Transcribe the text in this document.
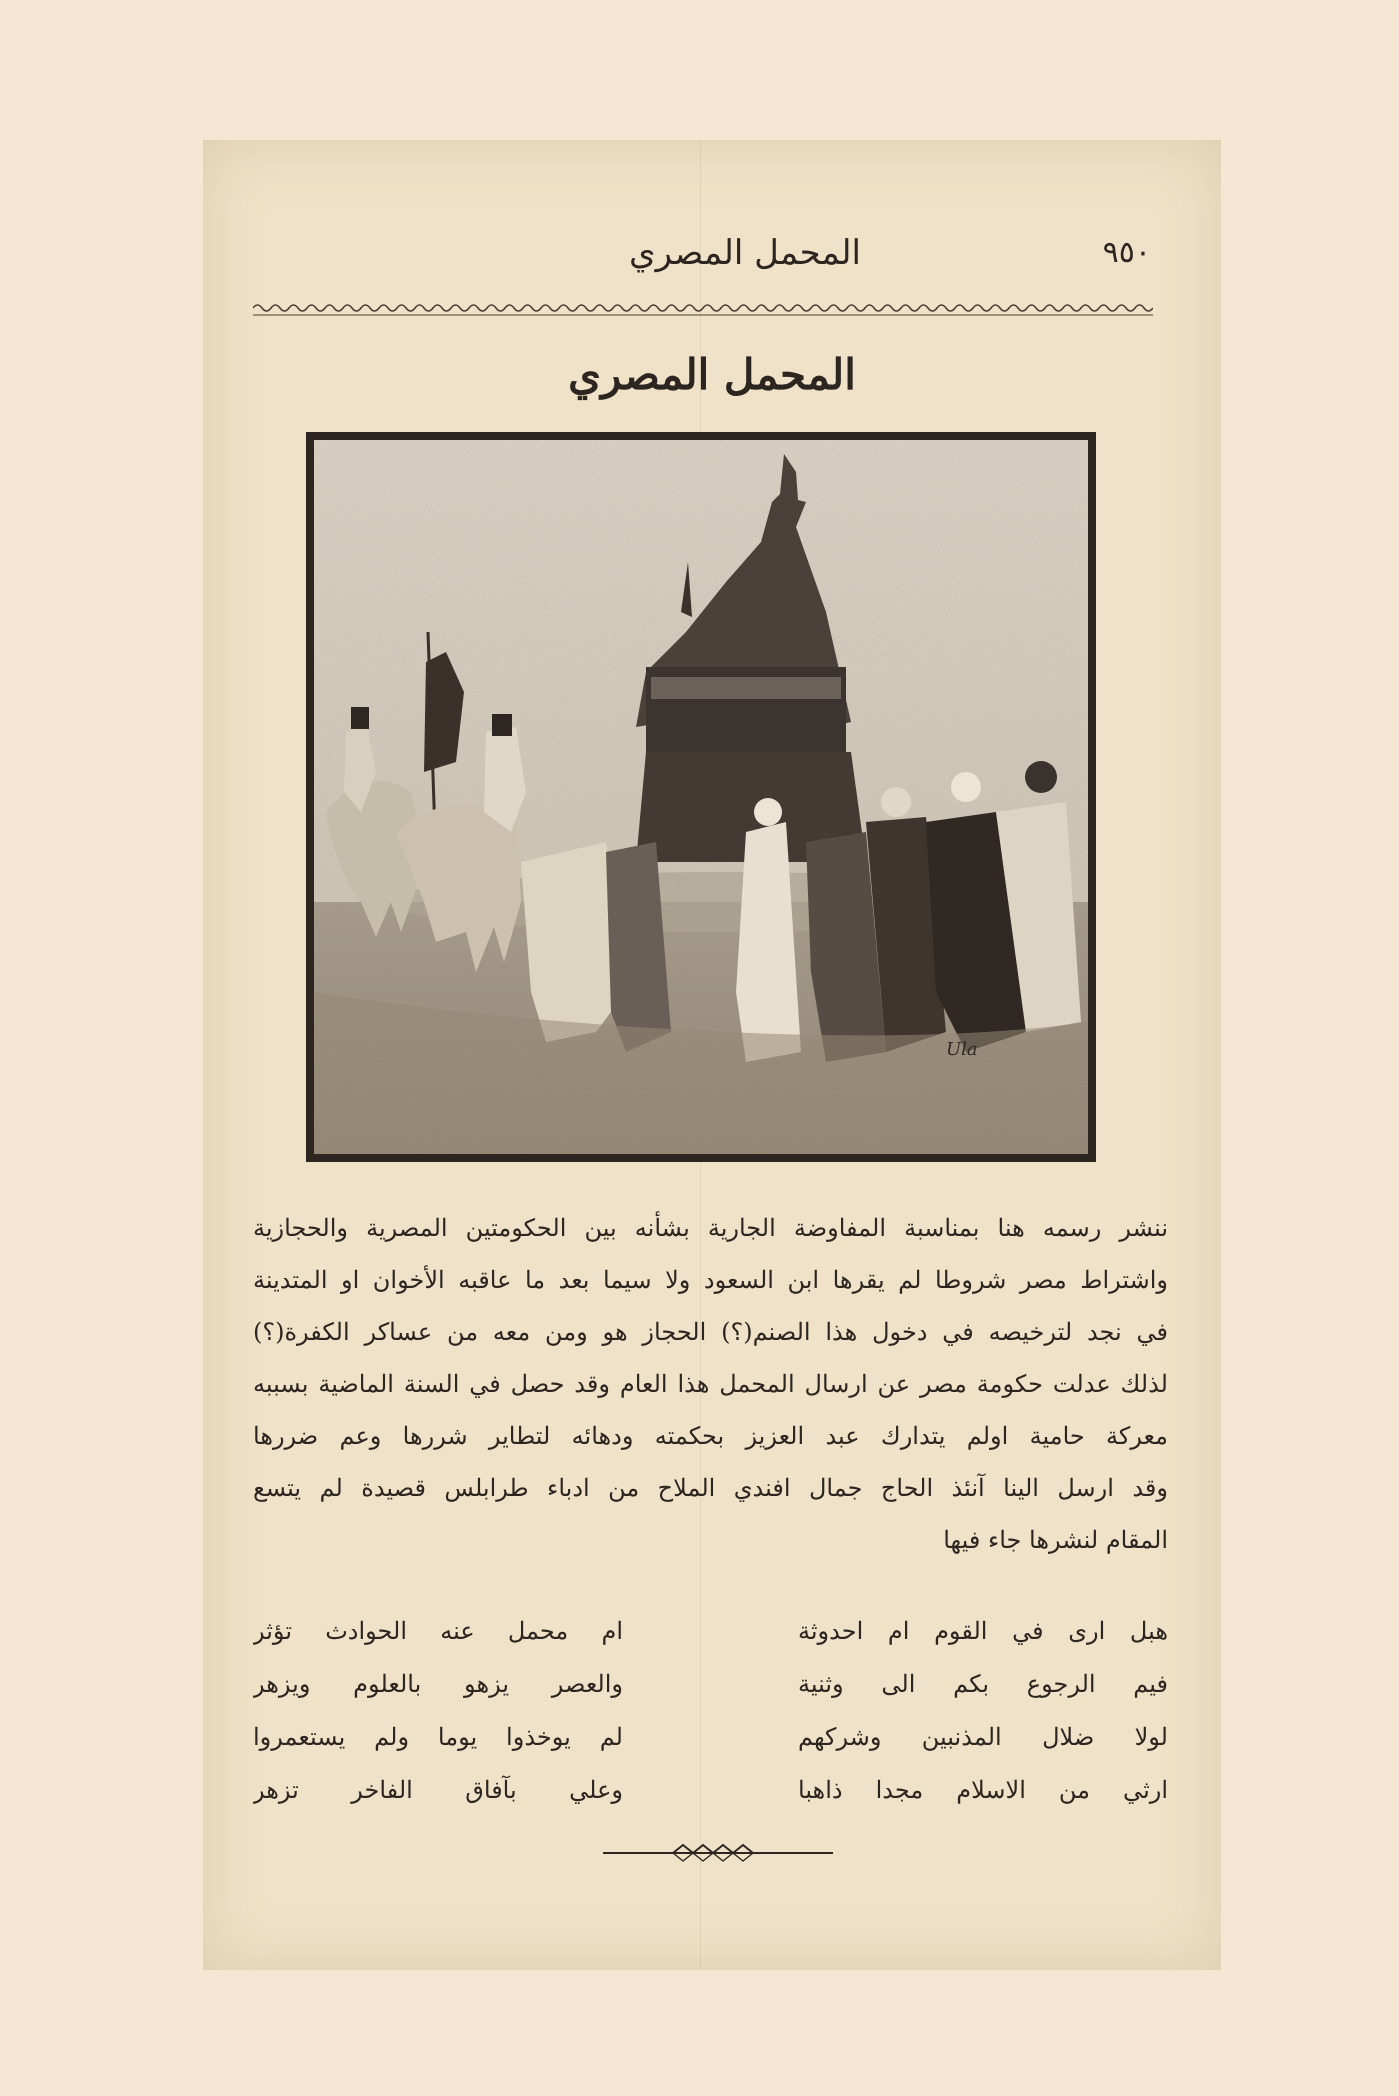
٩٥٠
المحمل المصري
المحمل المصري
Ula
ننشر رسمه هنا بمناسبة المفاوضة الجارية بشأنه بين الحكومتين المصرية والحجازية
واشتراط مصر شروطا لم يقرها ابن السعود ولا سيما بعد ما عاقبه الأخوان او المتدينة
في نجد لترخيصه في دخول هذا الصنم(؟) الحجاز هو ومن معه من عساكر الكفرة(؟)
لذلك عدلت حكومة مصر عن ارسال المحمل هذا العام وقد حصل في السنة الماضية بسببه
معركة حامية اولم يتدارك عبد العزيز بحكمته ودهائه لتطاير شررها وعم ضررها
وقد ارسل الينا آنئذ الحاج جمال افندي الملاح من ادباء طرابلس قصيدة لم يتسع
المقام لنشرها جاء فيها
هبل ارى في القوم ام احدوثة
ام محمل عنه الحوادث تؤثر
فيم الرجوع بكم الى وثنية
والعصر يزهو بالعلوم ويزهر
لولا ضلال المذنبين وشركهم
لم يوخذوا يوما ولم يستعمروا
ارثي من الاسلام مجدا ذاهبا
وعلي بآفاق الفاخر تزهر
